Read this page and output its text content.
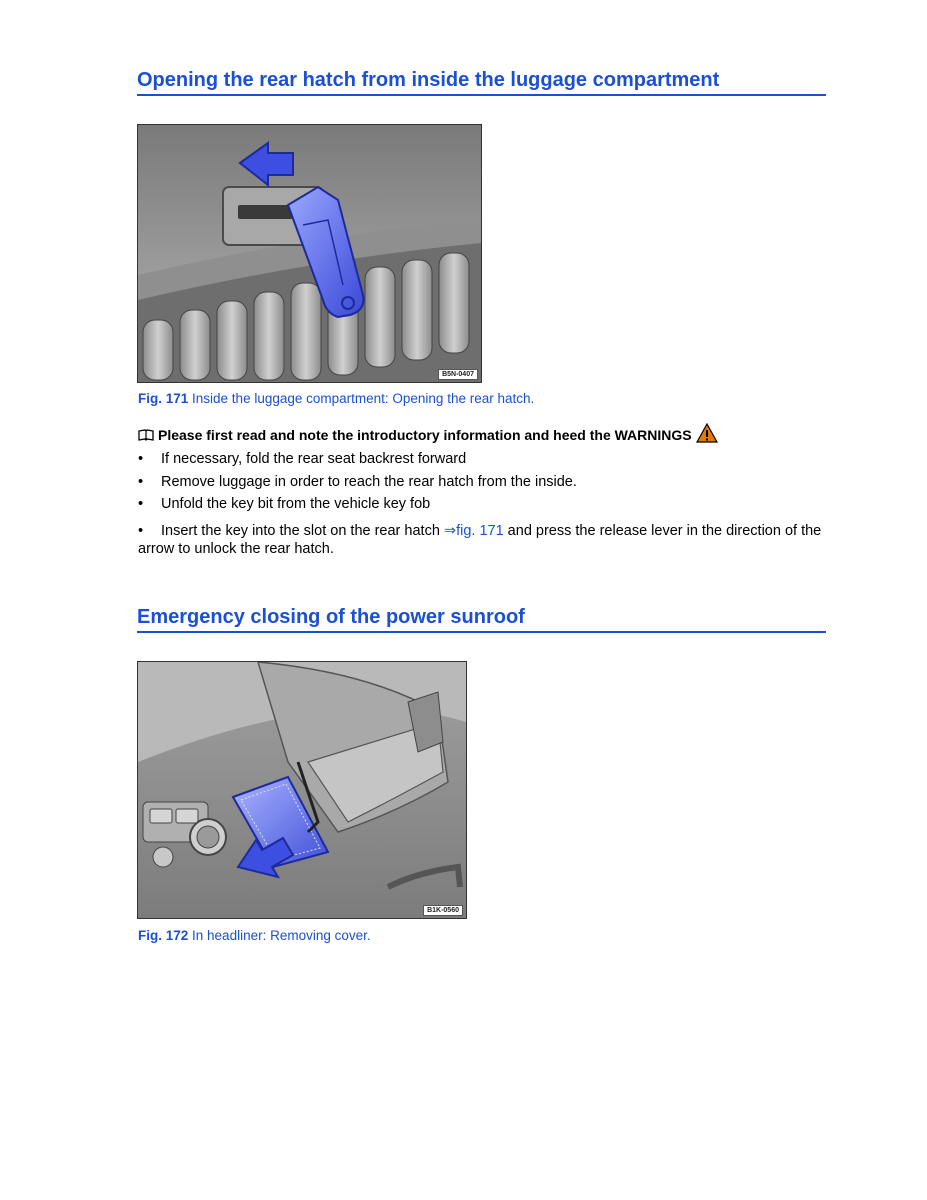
Opening the rear hatch from inside the luggage compartment
B5N-0407
Fig. 171 Inside the luggage compartment: Opening the rear hatch.
Please first read and note the introductory information and heed the WARNINGS
•	If necessary, fold the rear seat backrest forward
•	Remove luggage in order to reach the rear hatch from the inside.
•	Unfold the key bit from the vehicle key fob
• Insert the key into the slot on the rear hatch ⇒fig. 171 and press the release lever in the direction of the arrow to unlock the rear hatch.
Emergency closing of the power sunroof
B1K-0560
Fig. 172 In headliner: Removing cover.
